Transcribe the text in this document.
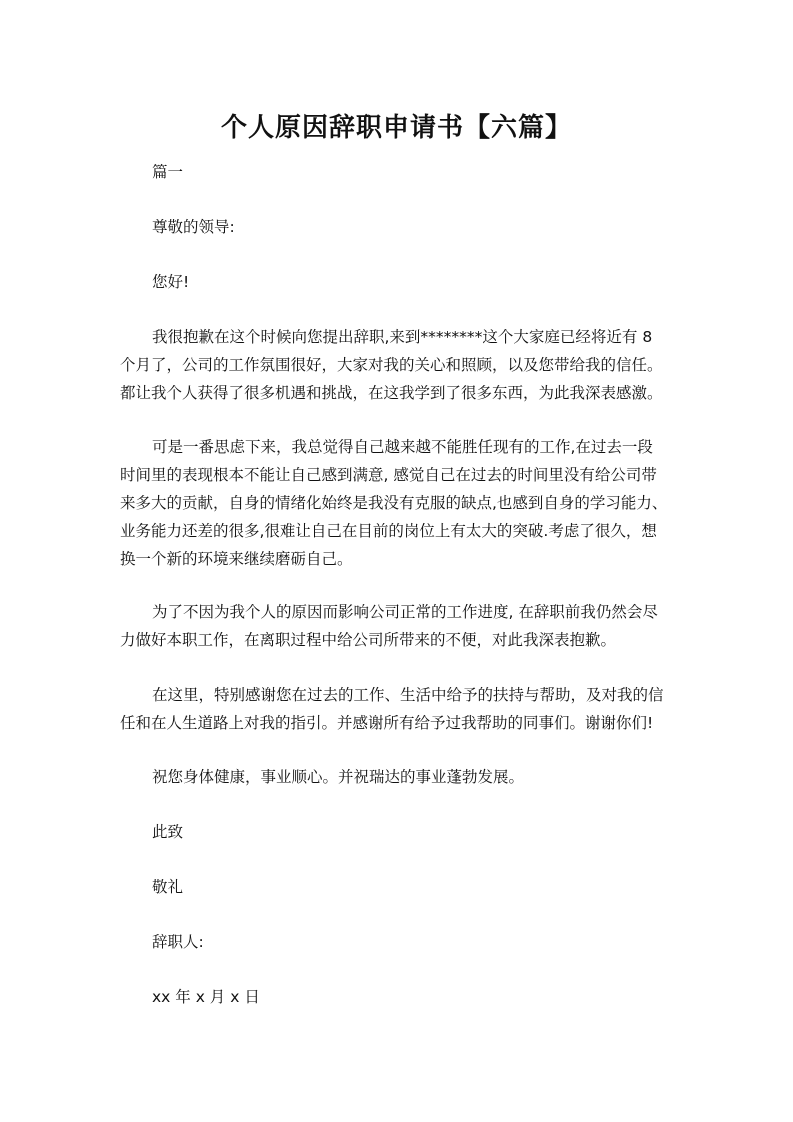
个人原因辞职申请书【六篇】
篇一
尊敬的领导:
您好!
我很抱歉在这个时候向您提出辞职,来到********这个大家庭已经将近有 8
个月了，公司的工作氛围很好，大家对我的关心和照顾，以及您带给我的信任。
都让我个人获得了很多机遇和挑战，在这我学到了很多东西，为此我深表感激。
可是一番思虑下来，我总觉得自己越来越不能胜任现有的工作,在过去一段
时间里的表现根本不能让自己感到满意, 感觉自己在过去的时间里没有给公司带
来多大的贡献，自身的情绪化始终是我没有克服的缺点,也感到自身的学习能力、
业务能力还差的很多,很难让自己在目前的岗位上有太大的突破.考虑了很久，想
换一个新的环境来继续磨砺自己。
为了不因为我个人的原因而影响公司正常的工作进度, 在辞职前我仍然会尽
力做好本职工作，在离职过程中给公司所带来的不便，对此我深表抱歉。
在这里，特别感谢您在过去的工作、生活中给予的扶持与帮助，及对我的信
任和在人生道路上对我的指引。并感谢所有给予过我帮助的同事们。谢谢你们!
祝您身体健康，事业顺心。并祝瑞达的事业蓬勃发展。
此致
敬礼
辞职人:
xx 年 x 月 x 日
